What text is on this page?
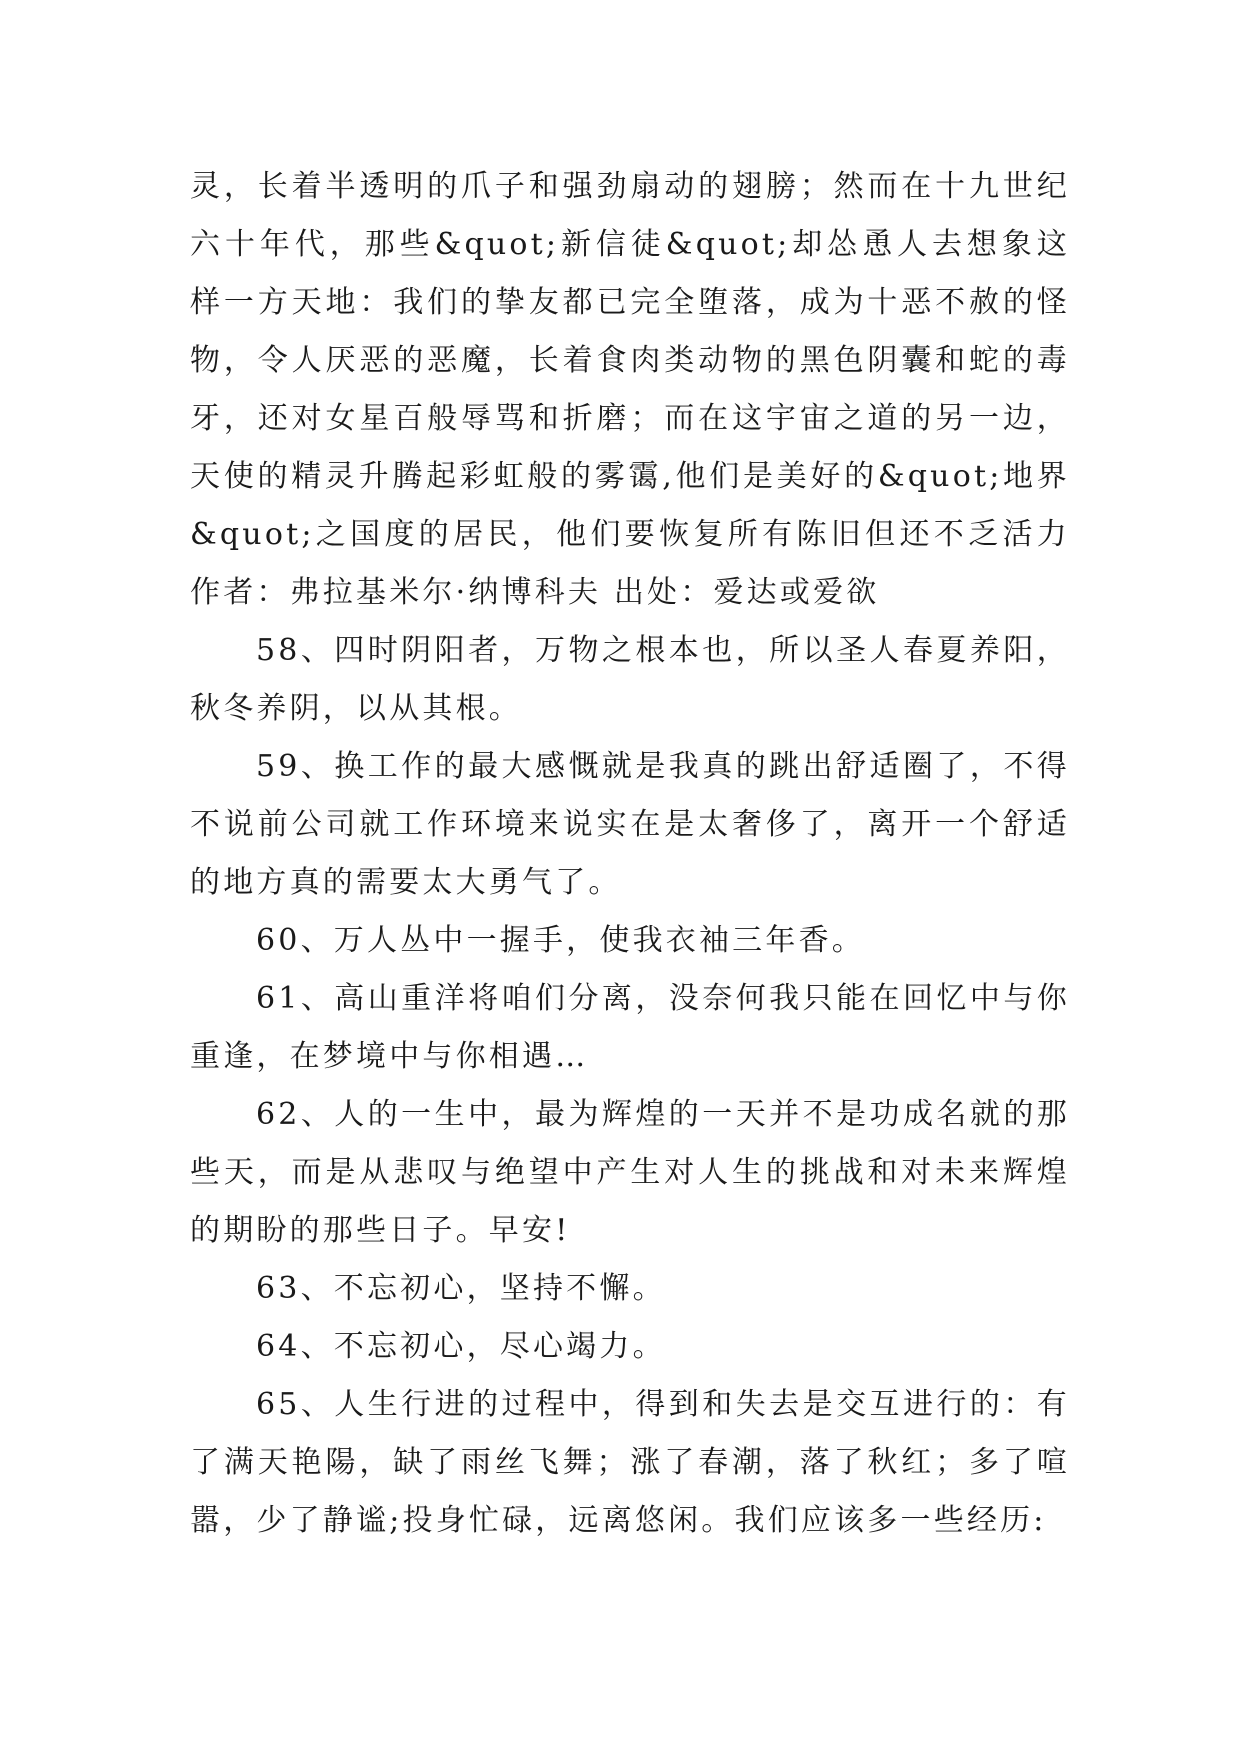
灵，长着半透明的爪子和强劲扇动的翅膀；然而在十九世纪六十年代，那些&quot;新信徒&quot;却怂恿人去想象这样一方天地：我们的挚友都已完全堕落，成为十恶不赦的怪物，令人厌恶的恶魔，长着食肉类动物的黑色阴囊和蛇的毒牙，还对女星百般辱骂和折磨；而在这宇宙之道的另一边，天使的精灵升腾起彩虹般的雾霭,他们是美好的&quot;地界&quot;之国度的居民，他们要恢复所有陈旧但还不乏活力作者：弗拉基米尔·纳博科夫 出处：爱达或爱欲

58、四时阴阳者，万物之根本也，所以圣人春夏养阳，秋冬养阴，以从其根。

59、换工作的最大感慨就是我真的跳出舒适圈了，不得不说前公司就工作环境来说实在是太奢侈了，离开一个舒适的地方真的需要太大勇气了。

60、万人丛中一握手，使我衣袖三年香。

61、高山重洋将咱们分离，没奈何我只能在回忆中与你重逢，在梦境中与你相遇…

62、人的一生中，最为辉煌的一天并不是功成名就的那些天，而是从悲叹与绝望中产生对人生的挑战和对未来辉煌的期盼的那些日子。早安!

63、不忘初心，坚持不懈。

64、不忘初心，尽心竭力。

65、人生行进的过程中，得到和失去是交互进行的：有了满天艳陽，缺了雨丝飞舞；涨了春潮，落了秋红；多了喧嚣，少了静谧;投身忙碌，远离悠闲。我们应该多一些经历:
